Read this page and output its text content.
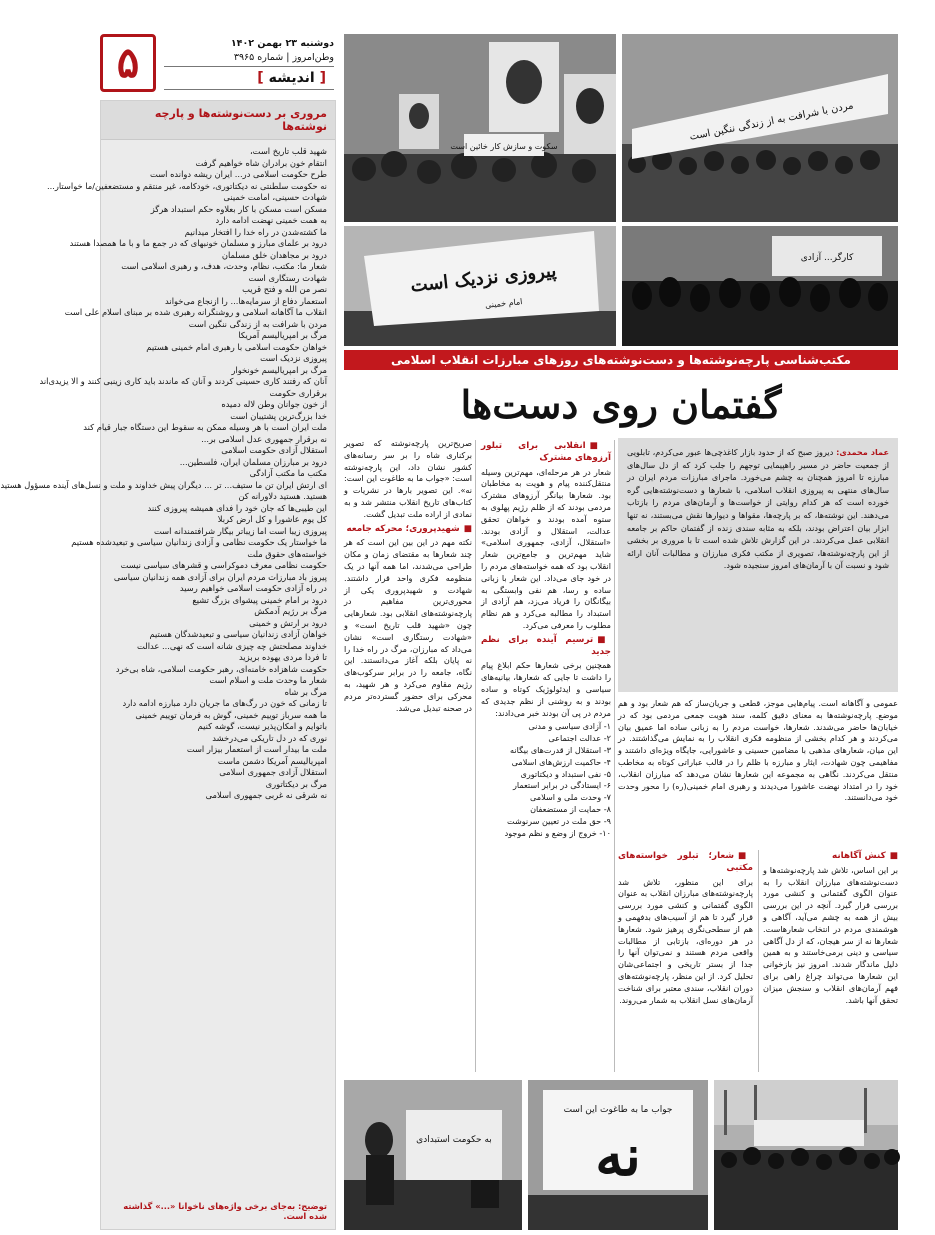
۵	دوشنبه ۲۳ بهمن ۱۴۰۲
وطن‌امروز | شماره ۳۹۶۵
[ اندیشه ]
مروری بر دست‌نوشته‌ها و پارچه نوشته‌ها
شهید قلب تاریخ است،
انتقام خون برادران شاه خواهیم گرفت
طرح حکومت اسلامی در... ایران ریشه دوانده است
نه حکومت سلطنتی نه دیکتاتوری، خودکامه، غیر منتقم و مستضعفین/ما خواستار...
شهادت حسینی، امامت خمینی
مسکن است مسکن با کار بعلاوه حکم استبداد هرگز
به همت خمینی نهضت ادامه دارد
ما کشته‌شدن در راه خدا را افتخار میدانیم
درود بر علمای مبارز و مسلمان خونبهای که در جمع ما و با ما همصدا هستند
درود بر مجاهدان خلق مسلمان
شعار ما: مکتب، نظام، وحدت، هدف، و رهبری اسلامی است
شهادت رستگاری است
نصر من الله و فتح قریب
استعمار دفاع از سرمایه‌ها... را ازنجاع می‌خواند
انقلاب ما آگاهانه اسلامی و روشنگرانه رهبری شده بر مبنای اسلام علی است
مردن با شرافت به از زندگی ننگین است
مرگ بر امپریالیسم آمریکا
خواهان حکومت اسلامی با رهبری امام خمینی هستیم
پیروزی نزدیک است
مرگ بر امپریالیسم خونخوار
آنان که رفتند کاری حسینی کردند و آنان که ماندند باید کاری زینبی کنند و الا یزیدی‌اند
برقراری حکومت
از خون جوانان وطن لاله دمیده
خدا بزرگ‌ترین پشتیبان است
ملت ایران است با هر وسیله ممکن به سقوط این دستگاه جبار قیام کند
نه برقرار جمهوری عدل اسلامی بر...
استقلال آزادی حکومت اسلامی
درود بر مبارزان مسلمان ایران، فلسطین...
مکتب ما مکتب آزادگی
ای ارتش ایران تن ما ستیف... ‌تر ... دیگران پیش خداوند و ملت و نسل‌های آینده مسؤول هستید
هستید. هستید دلاورانه کن
این طیبی‌ها که جان خود را فدای همیشه پیروزی کنند
کل یوم عاشورا و کل ارض کربلا
پیروزی زیبا است اما زیباتر بیگار شرافتمندانه است
ما خواستار یک حکومت نظامی و آزادی زندانیان سیاسی و تبعیدشده هستیم
خواسته‌های حقوق ملت
حکومت نظامی معرف دموکراسی و قشرهای سیاسی نیست
پیروز باد مبارزات مردم ایران برای آزادی همه زندانیان سیاسی
در راه آزادی حکومت اسلامی خواهیم رسید
درود بر امام خمینی پیشوای بزرگ تشیع
مرگ بر رژیم آدمکش
درود بر ارتش و خمینی
خواهان آزادی زندانیان سیاسی و تبعیدشدگان هستیم
خداوند مصلحتش چه چیزی شانه است که نهی... عدالت
تا فردا مردی یهوده بریزید
حکومت شاهزاده خامنه‌ای، رهبر حکومت اسلامی، شاه بی‌خرد
شعار ما وحدت ملت و اسلام است
مرگ بر شاه
تا زمانی که خون در رگ‌های ما جریان دارد مبارزه ادامه دارد
ما همه سرباز توییم خمینی، گوش به فرمان توییم خمینی
باتو‌ایم و امکان‌پذیر نیست، گوشه کنیم
نوری که در دل تاریکی می‌درخشد
ملت ما بیدار است از استعمار بیزار است
امپریالیسم آمریکا دشمن ماست
استقلال آزادی جمهوری اسلامی
مرگ بر دیکتاتوری
نه شرقی نه غربی جمهوری اسلامی
توضیح: به‌جای برخی واژه‌های ناخوانا «...» گذاشته شده است.
سکوت و سازش کار خائین است
مردن با شرافت به از زندگی ننگین است
پیروزی نزدیک است
امام خمینی
کارگر... آزادی
مکتب‌شناسی پارچه‌نوشته‌ها و دست‌نوشته‌های روزهای مبارزات انقلاب اسلامی
گفتمان روی دست‌ها
عماد محمدی: دیروز صبح که از حدود بازار کاغذچی‌ها عبور می‌کردم، تابلویی از جمعیت حاضر در مسیر راهپیمایی توجهم را جلب کرد که از دل سال‌های مبارزه تا امروز همچنان به چشم می‌خورد. ماجرای مبارزات مردم ایران در سال‌های منتهی به پیروزی انقلاب اسلامی، با شعارها و دست‌نوشته‌هایی گره خورده است که هر کدام روایتی از خواست‌ها و آرمان‌های مردم را بازتاب می‌دهند. این نوشته‌ها، که بر پارچه‌ها، مقواها و دیوارها نقش می‌بستند، نه تنها ابزار بیان اعتراض بودند، بلکه به مثابه سندی زنده از گفتمان حاکم بر جامعه انقلابی عمل می‌کردند. در این گزارش تلاش شده است تا با مروری بر بخشی از این پارچه‌نوشته‌ها، تصویری از مکتب فکری مبارزان و مطالبات آنان ارائه شود و نسبت آن با آرمان‌های امروز سنجیده شود.

عمومی و آگاهانه است. پیام‌هایی موجز، قطعی و جریان‌ساز که هم شعار بود و هم موضع. پارچه‌نوشته‌ها به معنای دقیق کلمه، سند هویت جمعی مردمی بود که در خیابان‌ها حاضر می‌شدند. شعارها، خواست مردم را به زبانی ساده اما عمیق بیان می‌کردند و هر کدام بخشی از منظومه فکری انقلاب را به نمایش می‌گذاشتند. در این میان، شعارهای مذهبی با مضامین حسینی و عاشورایی، جایگاه ویژه‌ای داشتند و مفاهیمی چون شهادت، ایثار و مبارزه با ظلم را در قالب عباراتی کوتاه به مخاطب منتقل می‌کردند. نگاهی به مجموعه این شعارها نشان می‌دهد که مبارزان انقلاب، خود را در امتداد نهضت عاشورا می‌دیدند و رهبری امام خمینی(ره) را محور وحدت خود می‌دانستند.

■شعار؛ تبلور خواسته‌های مکتبی

برای این منظور، تلاش شد پارچه‌نوشته‌های مبارزان انقلاب به عنوان الگوی گفتمانی و کنشی مورد بررسی قرار گیرد تا هم از آسیب‌های بدفهمی و هم از سطحی‌نگری پرهیز شود. شعارها در هر دوره‌ای، بازتابی از مطالبات واقعی مردم هستند و نمی‌توان آنها را جدا از بستر تاریخی و اجتماعی‌شان تحلیل کرد. از این منظر، پارچه‌نوشته‌های دوران انقلاب، سندی معتبر برای شناخت آرمان‌های نسل انقلاب به شمار می‌روند.

■کنش آگاهانه

بر این اساس، تلاش شد پارچه‌نوشته‌ها و دست‌نوشته‌های مبارزان انقلاب را به عنوان الگوی گفتمانی و کنشی مورد بررسی قرار گیرد. آنچه در این بررسی بیش از همه به چشم می‌آید، آگاهی و هوشمندی مردم در انتخاب شعارهاست. شعارها نه از سر هیجان، که از دل آگاهی سیاسی و دینی برمی‌خاستند و به همین دلیل ماندگار شدند. امروز نیز بازخوانی این شعارها می‌تواند چراغ راهی برای فهم آرمان‌های انقلاب و سنجش میزان تحقق آنها باشد.

■انقلابی برای تبلور آرزوهای مشترک

شعار در هر مرحله‌ای، مهم‌ترین وسیله منتقل‌کننده پیام و هویت به مخاطبان بود. شعارها بیانگر آرزوهای مشترک مردمی بودند که از ظلم رژیم پهلوی به ستوه آمده بودند و خواهان تحقق عدالت، استقلال و آزادی بودند. «استقلال، آزادی، جمهوری اسلامی» شاید مهم‌ترین و جامع‌ترین شعار انقلاب بود که همه خواسته‌های مردم را در خود جای می‌داد. این شعار با زبانی ساده و رسا، هم نفی وابستگی به بیگانگان را فریاد می‌زد، هم آزادی از استبداد را مطالبه می‌کرد و هم نظام مطلوب را معرفی می‌کرد.

■ترسیم آینده برای نظم جدید

همچنین برخی شعارها حکم ابلاغ پیام را داشت تا جایی که شعارها، بیانیه‌های سیاسی و ایدئولوژیک کوتاه و ساده بودند و به روشنی از نظم جدیدی که مردم در پی آن بودند خبر می‌دادند:

۱- آزادی سیاسی و مدنی
۲- عدالت اجتماعی
۳- استقلال از قدرت‌های بیگانه
۴- حاکمیت ارزش‌های اسلامی
۵- نفی استبداد و دیکتاتوری
۶- ایستادگی در برابر استعمار
۷- وحدت ملی و اسلامی
۸- حمایت از مستضعفان
۹- حق ملت در تعیین سرنوشت
۱۰- خروج از وضع و نظم موجود

صریح‌ترین پارچه‌نوشته که تصویر برکناری شاه را بر سر رسانه‌های کشور نشان داد، این پارچه‌نوشته است: «جواب ما به طاغوت این است: نه». این تصویر بارها در نشریات و کتاب‌های تاریخ انقلاب منتشر شد و به نمادی از اراده ملت تبدیل گشت.

■شهیدپروری؛ محرکه جامعه

نکته مهم در این بین این است که هر چند شعارها به مقتضای زمان و مکان طراحی می‌شدند، اما همه آنها در یک منظومه فکری واحد قرار داشتند. شهادت و شهیدپروری یکی از محوری‌ترین مفاهیم در پارچه‌نوشته‌های انقلابی بود. شعارهایی چون «شهید قلب تاریخ است» و «شهادت رستگاری است» نشان می‌داد که مبارزان، مرگ در راه خدا را نه پایان بلکه آغاز می‌دانستند. این نگاه، جامعه را در برابر سرکوب‌های رژیم مقاوم می‌کرد و هر شهید، به محرکی برای حضور گسترده‌تر مردم در صحنه تبدیل می‌شد.

به حکومت استبدادی
جواب ما به طاغوت این است
نه
